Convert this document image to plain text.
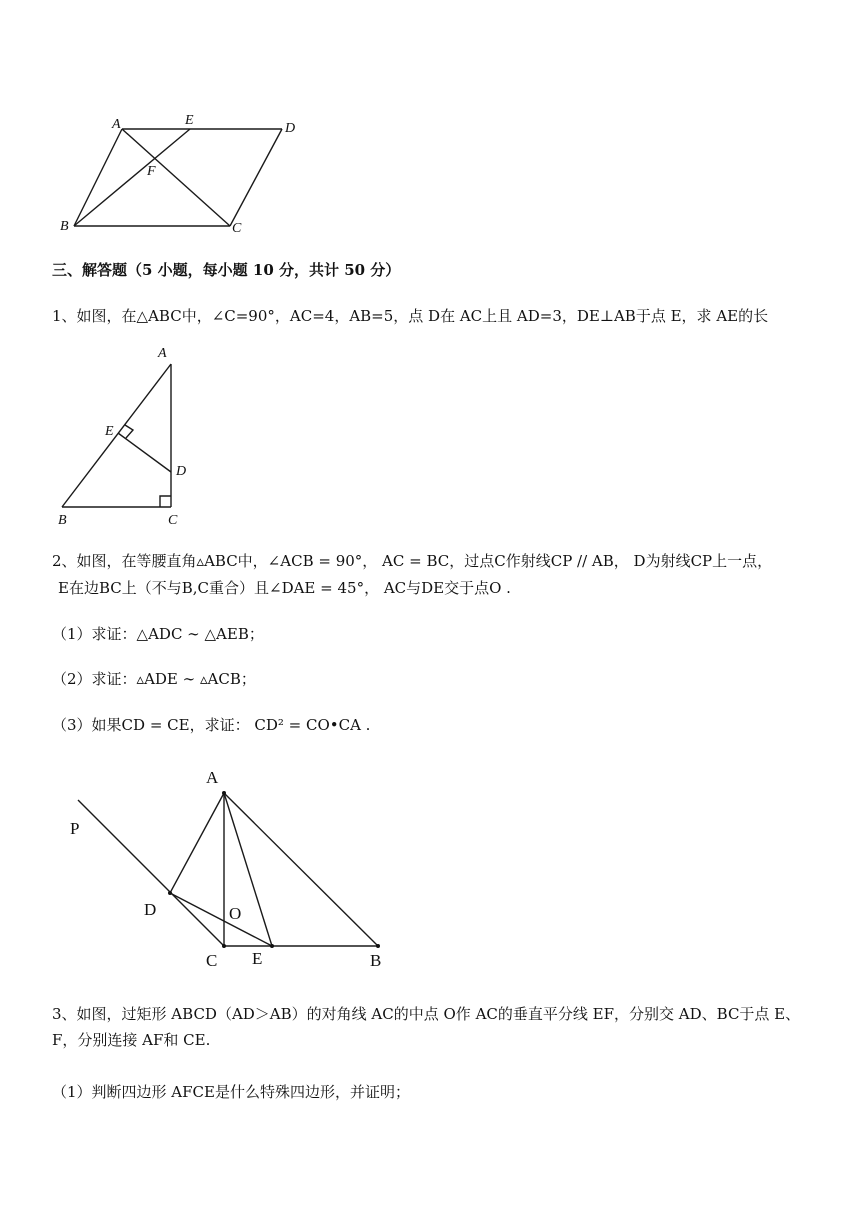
A	E
D
F
B	C

三、解答题（5 小题，每小题 10 分，共计 50 分）

1、如图，在△ABC中，∠C=90°，AC=4，AB=5，点 D在 AC上且 AD=3，DE⊥AB于点 E，求 AE的长

A
E
D
B	C

2、如图，在等腰直角▵ABC中，∠ACB = 90°， AC = BC，过点C作射线CP // AB， D为射线CP上一点，

E在边BC上（不与B,C重合）且∠DAE = 45°， AC与DE交于点O .

（1）求证：△ADC ∼ △AEB；

（2）求证：▵ADE ∼ ▵ACB；

（3）如果CD = CE，求证： CD² = CO•CA .

A
P
D	O
C E	B

3、如图，过矩形 ABCD（AD＞AB）的对角线 AC的中点 O作 AC的垂直平分线 EF，分别交 AD、BC于点 E、F，分别连接 AF和 CE.

（1）判断四边形 AFCE是什么特殊四边形，并证明；
